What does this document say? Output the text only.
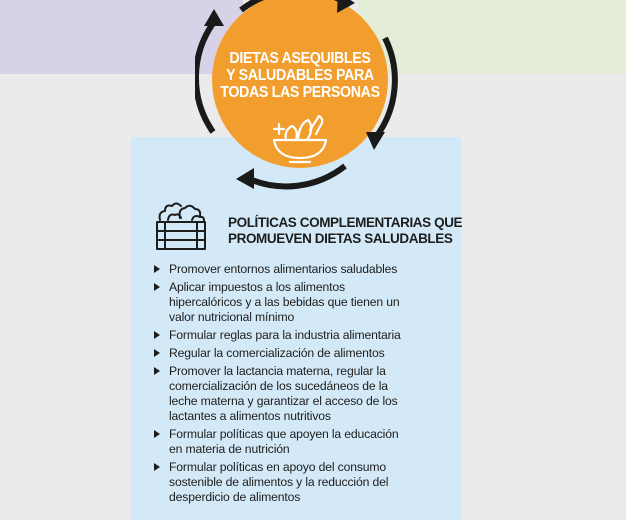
DIETAS ASEQUIBLES
Y SALUDABLES PARA
TODAS LAS PERSONAS
POLÍTICAS COMPLEMENTARIAS QUE
PROMUEVEN DIETAS SALUDABLES
Promover entornos alimentarios saludables
Aplicar impuestos a los alimentos
hipercalóricos y a las bebidas que tienen un
valor nutricional mínimo
Formular reglas para la industria alimentaria
Regular la comercialización de alimentos
Promover la lactancia materna, regular la
comercialización de los sucedáneos de la
leche materna y garantizar el acceso de los
lactantes a alimentos nutritivos
Formular políticas que apoyen la educación
en materia de nutrición
Formular políticas en apoyo del consumo
sostenible de alimentos y la reducción del
desperdicio de alimentos
